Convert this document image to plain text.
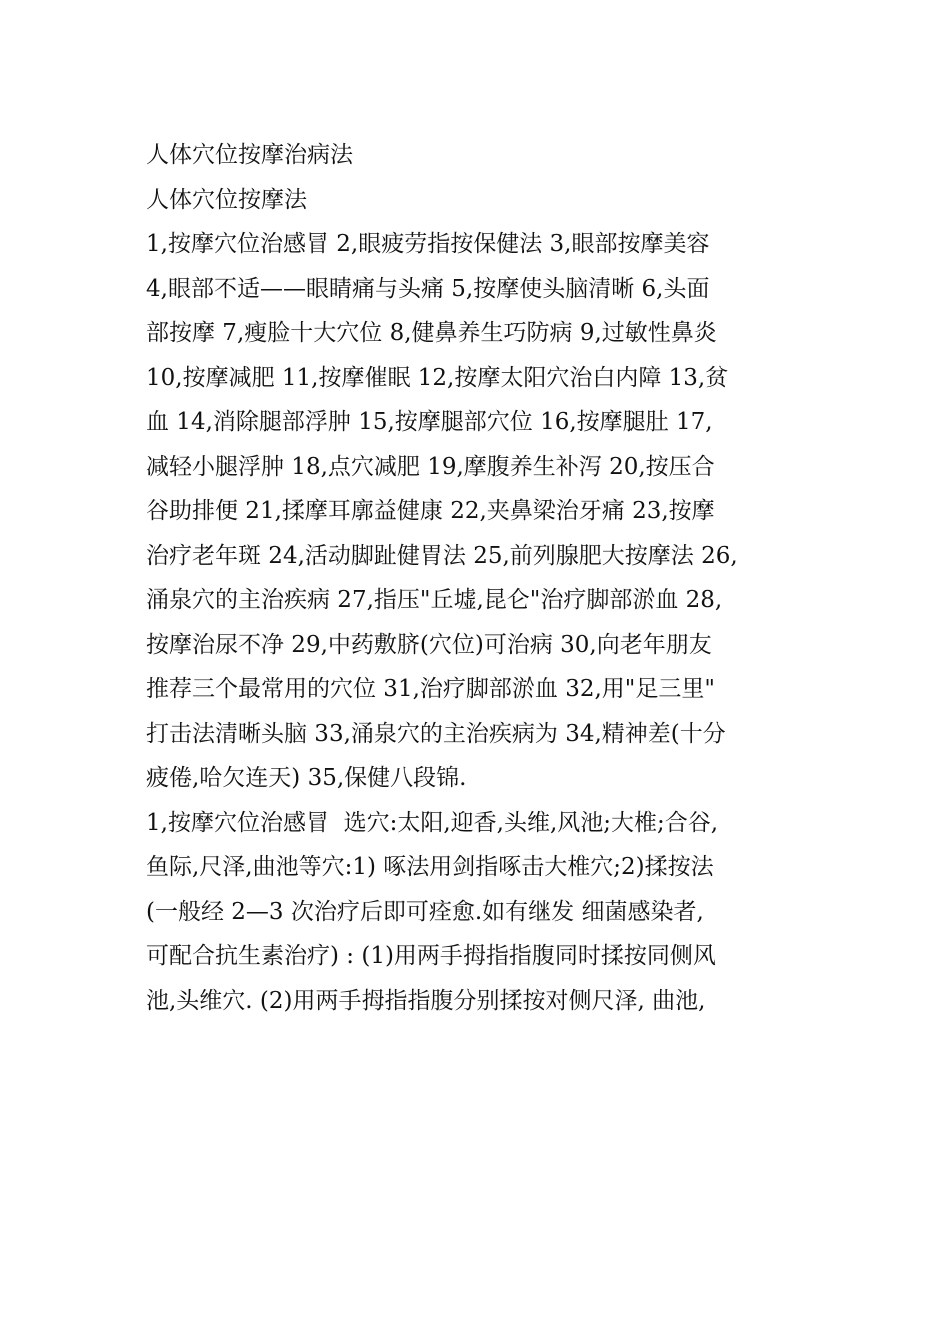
人体穴位按摩治病法
人体穴位按摩法
1,按摩穴位治感冒 2,眼疲劳指按保健法 3,眼部按摩美容
4,眼部不适——眼睛痛与头痛 5,按摩使头脑清晰 6,头面
部按摩 7,瘦脸十大穴位 8,健鼻养生巧防病 9,过敏性鼻炎
10,按摩减肥 11,按摩催眠 12,按摩太阳穴治白内障 13,贫
血 14,消除腿部浮肿 15,按摩腿部穴位 16,按摩腿肚 17,
减轻小腿浮肿 18,点穴减肥 19,摩腹养生补泻 20,按压合
谷助排便 21,揉摩耳廓益健康 22,夹鼻梁治牙痛 23,按摩
治疗老年斑 24,活动脚趾健胃法 25,前列腺肥大按摩法 26,
涌泉穴的主治疾病 27,指压"丘墟,昆仑"治疗脚部淤血 28,
按摩治尿不净 29,中药敷脐(穴位)可治病 30,向老年朋友
推荐三个最常用的穴位 31,治疗脚部淤血 32,用"足三里"
打击法清晰头脑 33,涌泉穴的主治疾病为 34,精神差(十分
疲倦,哈欠连天) 35,保健八段锦.
1,按摩穴位治感冒  选穴:太阳,迎香,头维,风池;大椎;合谷,
鱼际,尺泽,曲池等穴:1) 啄法用剑指啄击大椎穴;2)揉按法
(一般经 2—3 次治疗后即可痊愈.如有继发 细菌感染者,
可配合抗生素治疗) : (1)用两手拇指指腹同时揉按同侧风
池,头维穴. (2)用两手拇指指腹分别揉按对侧尺泽, 曲池,
